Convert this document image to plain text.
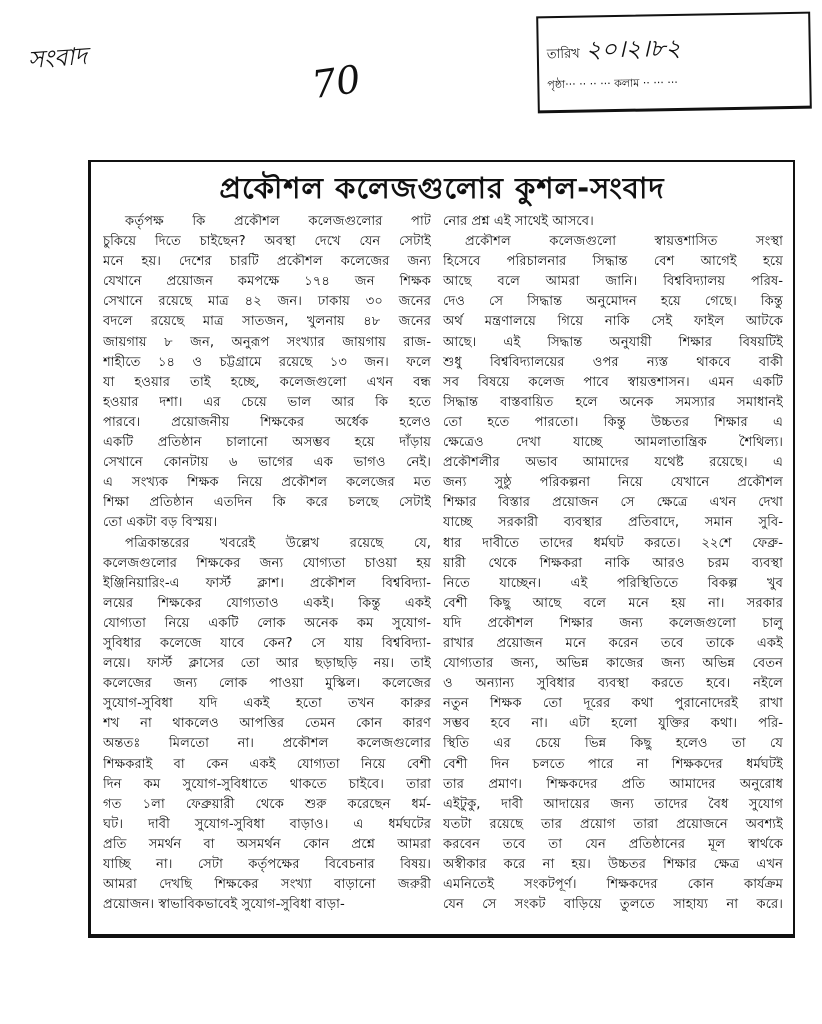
সংবাদ	70
তারিখ ২০।২।৮২
পৃষ্ঠা··· ·· ·· ··· কলাম ·· ··· ···
প্রকৌশল কলেজগুলোর কুশল-সংবাদ
কর্তৃপক্ষ কি প্রকৌশল কলেজগুলোর পাট
চুকিয়ে দিতে চাইছেন? অবস্থা দেখে যেন সেটাই
মনে হয়। দেশের চারটি প্রকৌশল কলেজের জন্য
যেখানে প্রয়োজন কমপক্ষে ১৭৪ জন শিক্ষক
সেখানে রয়েছে মাত্র ৪২ জন। ঢাকায় ৩০ জনের
বদলে রয়েছে মাত্র সাতজন, খুলনায় ৪৮ জনের
জায়গায় ৮ জন, অনুরূপ সংখ্যার জায়গায় রাজ-
শাহীতে ১৪ ও চট্টগ্রামে রয়েছে ১৩ জন। ফলে
যা হওয়ার তাই হচ্ছে, কলেজগুলো এখন বন্ধ
হওয়ার দশা। এর চেয়ে ভাল আর কি হতে
পারবে। প্রয়োজনীয় শিক্ষকের অর্ধেক হলেও
একটি প্রতিষ্ঠান চালানো অসম্ভব হয়ে দাঁড়ায়
সেখানে কোনটায় ৬ ভাগের এক ভাগও নেই।
এ সংখ্যক শিক্ষক নিয়ে প্রকৌশল কলেজের মত
শিক্ষা প্রতিষ্ঠান এতদিন কি করে চলছে সেটাই
তো একটা বড় বিস্ময়।
পত্রিকান্তরের খবরেই উল্লেখ রয়েছে যে,
কলেজগুলোর শিক্ষকের জন্য যোগ্যতা চাওয়া হয়
ইঞ্জিনিয়ারিং-এ ফার্স্ট ক্লাশ। প্রকৌশল বিশ্ববিদ্যা-
লয়ের শিক্ষকের যোগ্যতাও একই। কিন্তু একই
যোগ্যতা নিয়ে একটি লোক অনেক কম সুযোগ-
সুবিধার কলেজে যাবে কেন? সে যায় বিশ্ববিদ্যা-
লয়ে। ফার্স্ট ক্লাসের তো আর ছড়াছড়ি নয়। তাই
কলেজের জন্য লোক পাওয়া মুস্কিল। কলেজের
সুযোগ-সুবিধা যদি একই হতো তখন কারুর
শখ না থাকলেও আপত্তির তেমন কোন কারণ
অন্ততঃ মিলতো না। প্রকৌশল কলেজগুলোর
শিক্ষকরাই বা কেন একই যোগ্যতা নিয়ে বেশী
দিন কম সুযোগ-সুবিধাতে থাকতে চাইবে। তারা
গত ১লা ফেব্রুয়ারী থেকে শুরু করেছেন ধর্ম-
ঘট। দাবী সুযোগ-সুবিধা বাড়াও। এ ধর্মঘটের
প্রতি সমর্থন বা অসমর্থন কোন প্রশ্নে আমরা
যাচ্ছি না। সেটা কর্তৃপক্ষের বিবেচনার বিষয়।
আমরা দেখছি শিক্ষকের সংখ্যা বাড়ানো জরুরী
প্রয়োজন। স্বাভাবিকভাবেই সুযোগ-সুবিধা বাড়া-
নোর প্রশ্ন এই সাথেই আসবে।
প্রকৌশল কলেজগুলো স্বায়ত্তশাসিত সংস্থা
হিসেবে পরিচালনার সিদ্ধান্ত বেশ আগেই হয়ে
আছে বলে আমরা জানি। বিশ্ববিদ্যালয় পরিষ-
দেও সে সিদ্ধান্ত অনুমোদন হয়ে গেছে। কিন্তু
অর্থ মন্ত্রণালয়ে গিয়ে নাকি সেই ফাইল আটকে
আছে। এই সিদ্ধান্ত অনুযায়ী শিক্ষার বিষয়টিই
শুধু বিশ্ববিদ্যালয়ের ওপর ন্যস্ত থাকবে বাকী
সব বিষয়ে কলেজ পাবে স্বায়ত্তশাসন। এমন একটি
সিদ্ধান্ত বাস্তবায়িত হলে অনেক সমস্যার সমাধানই
তো হতে পারতো। কিন্তু উচ্চতর শিক্ষার এ
ক্ষেত্রেও দেখা যাচ্ছে আমলাতান্ত্রিক শৈথিল্য।
প্রকৌশলীর অভাব আমাদের যথেষ্ট রয়েছে। এ
জন্য সুষ্ঠু পরিকল্পনা নিয়ে যেখানে প্রকৌশল
শিক্ষার বিস্তার প্রয়োজন সে ক্ষেত্রে এখন দেখা
যাচ্ছে সরকারী ব্যবস্থার প্রতিবাদে, সমান সুবি-
ধার দাবীতে তাদের ধর্মঘট করতে। ২২শে ফেব্রু-
য়ারী থেকে শিক্ষকরা নাকি আরও চরম ব্যবস্থা
নিতে যাচ্ছেন। এই পরিস্থিতিতে বিকল্প খুব
বেশী কিছু আছে বলে মনে হয় না। সরকার
যদি প্রকৌশল শিক্ষার জন্য কলেজগুলো চালু
রাখার প্রয়োজন মনে করেন তবে তাকে একই
যোগ্যতার জন্য, অভিন্ন কাজের জন্য অভিন্ন বেতন
ও অন্যান্য সুবিধার ব্যবস্থা করতে হবে। নইলে
নতুন শিক্ষক তো দূরের কথা পুরানোদেরই রাখা
সম্ভব হবে না। এটা হলো যুক্তির কথা। পরি-
স্থিতি এর চেয়ে ভিন্ন কিছু হলেও তা যে
বেশী দিন চলতে পারে না শিক্ষকদের ধর্মঘটই
তার প্রমাণ। শিক্ষকদের প্রতি আমাদের অনুরোধ
এইটুকু, দাবী আদায়ের জন্য তাদের বৈধ সুযোগ
যতটা রয়েছে তার প্রয়োগ তারা প্রয়োজনে অবশ্যই
করবেন তবে তা যেন প্রতিষ্ঠানের মূল স্বার্থকে
অস্বীকার করে না হয়। উচ্চতর শিক্ষার ক্ষেত্র এখন
এমনিতেই সংকটপূর্ণ। শিক্ষকদের কোন কার্যক্রম
যেন সে সংকট বাড়িয়ে তুলতে সাহায্য না করে।
